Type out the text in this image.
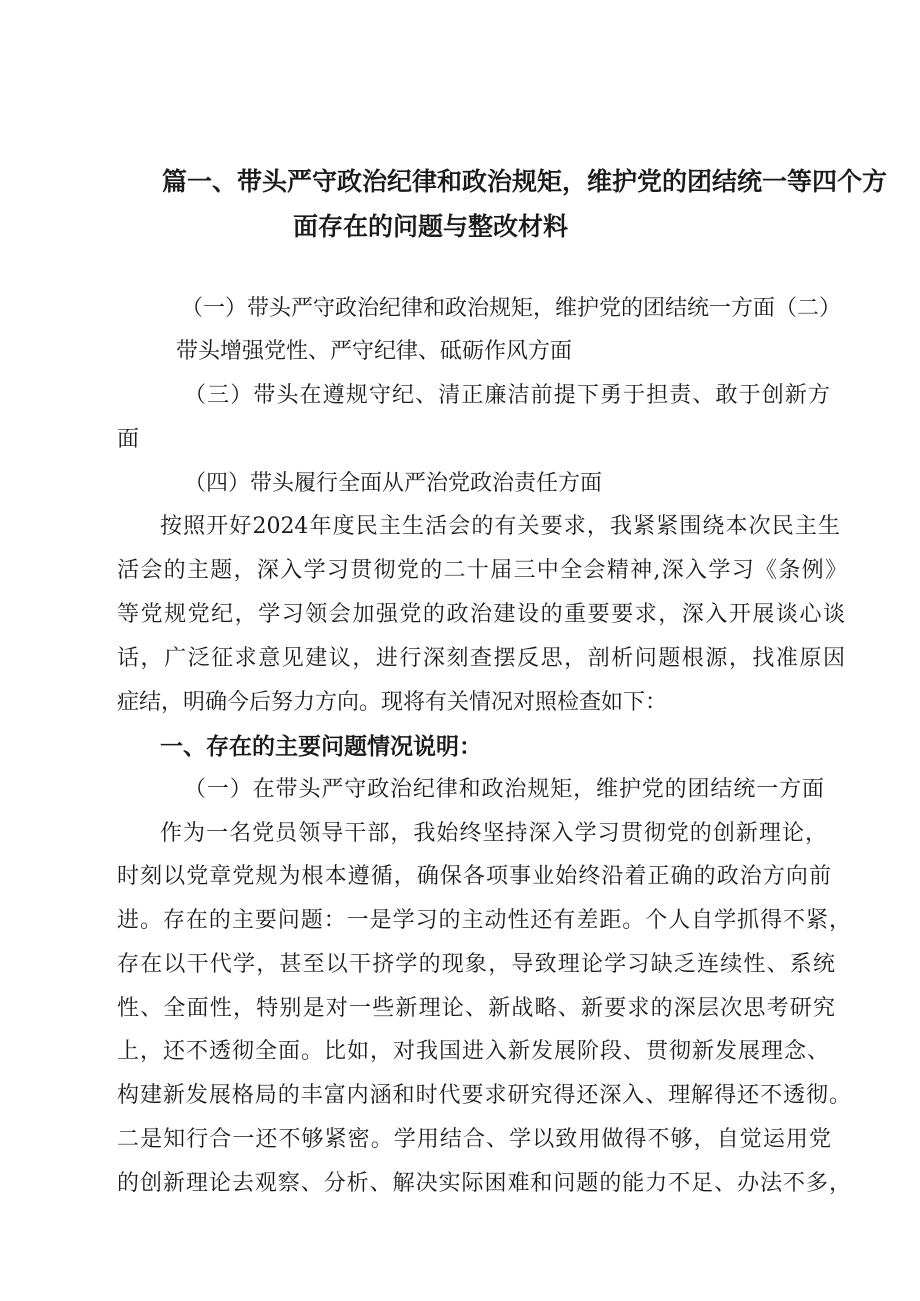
篇一、带头严守政治纪律和政治规矩，维护党的团结统一等四个方
面存在的问题与整改材料
（一）带头严守政治纪律和政治规矩，维护党的团结统一方面（二）
带头增强党性、严守纪律、砥砺作风方面
（三）带头在遵规守纪、清正廉洁前提下勇于担责、敢于创新方
面
（四）带头履行全面从严治党政治责任方面
按照开好2024年度民主生活会的有关要求，我紧紧围绕本次民主生
活会的主题，深入学习贯彻党的二十届三中全会精神,深入学习《条例》
等党规党纪，学习领会加强党的政治建设的重要要求，深入开展谈心谈
话，广泛征求意见建议，进行深刻查摆反思，剖析问题根源，找准原因
症结，明确今后努力方向。现将有关情况对照检查如下：
一、存在的主要问题情况说明：
（一）在带头严守政治纪律和政治规矩，维护党的团结统一方面
作为一名党员领导干部，我始终坚持深入学习贯彻党的创新理论，
时刻以党章党规为根本遵循，确保各项事业始终沿着正确的政治方向前
进。存在的主要问题：一是学习的主动性还有差距。个人自学抓得不紧，
存在以干代学，甚至以干挤学的现象，导致理论学习缺乏连续性、系统
性、全面性，特别是对一些新理论、新战略、新要求的深层次思考研究
上，还不透彻全面。比如，对我国进入新发展阶段、贯彻新发展理念、
构建新发展格局的丰富内涵和时代要求研究得还深入、理解得还不透彻。
二是知行合一还不够紧密。学用结合、学以致用做得不够，自觉运用党
的创新理论去观察、分析、解决实际困难和问题的能力不足、办法不多，
